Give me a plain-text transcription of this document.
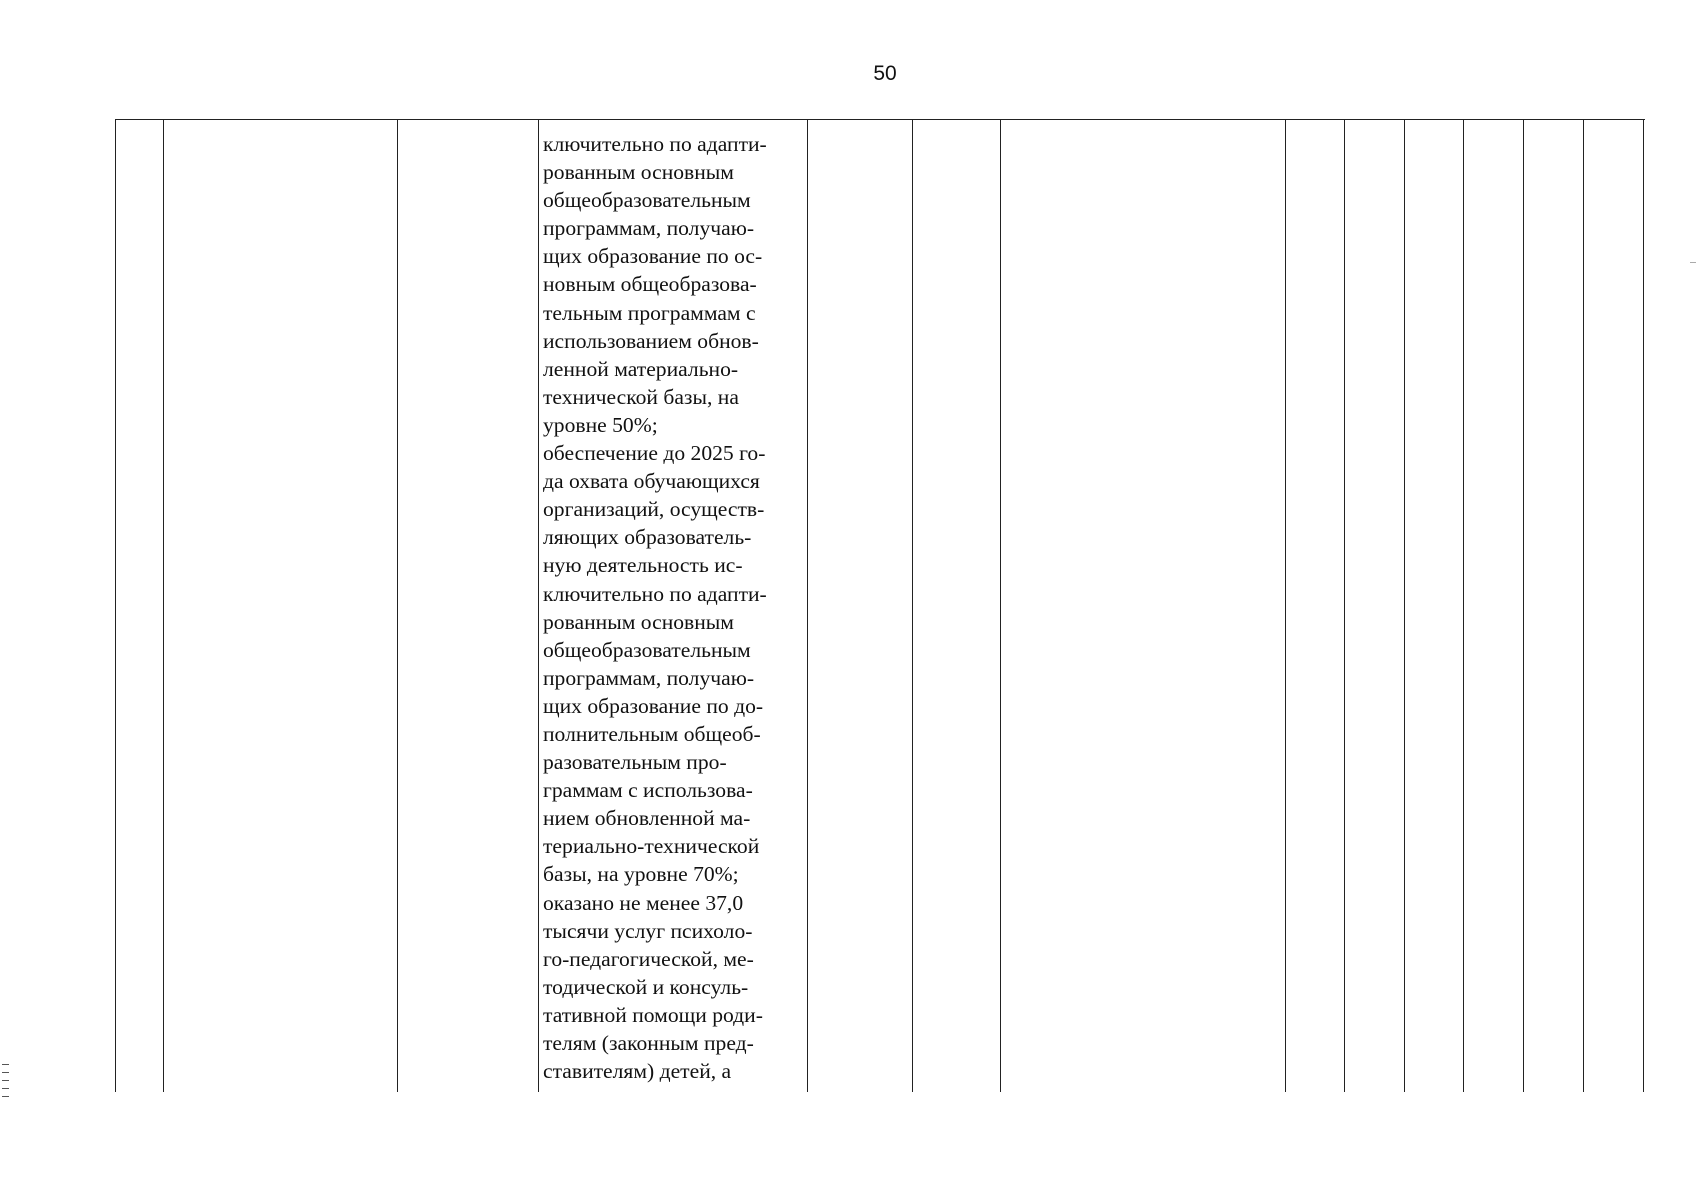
50
ключительно по адапти-
рованным основным
общеобразовательным
программам, получаю-
щих образование по ос-
новным общеобразова-
тельным программам с
использованием обнов-
ленной материально-
технической базы, на
уровне 50%;
обеспечение до 2025 го-
да охвата обучающихся
организаций, осуществ-
ляющих образователь-
ную деятельность ис-
ключительно по адапти-
рованным основным
общеобразовательным
программам, получаю-
щих образование по до-
полнительным общеоб-
разовательным про-
граммам с использова-
нием обновленной ма-
териально-технической
базы, на уровне 70%;
оказано не менее 37,0
тысячи услуг психоло-
го-педагогической, ме-
тодической и консуль-
тативной помощи роди-
телям (законным пред-
ставителям) детей, а
